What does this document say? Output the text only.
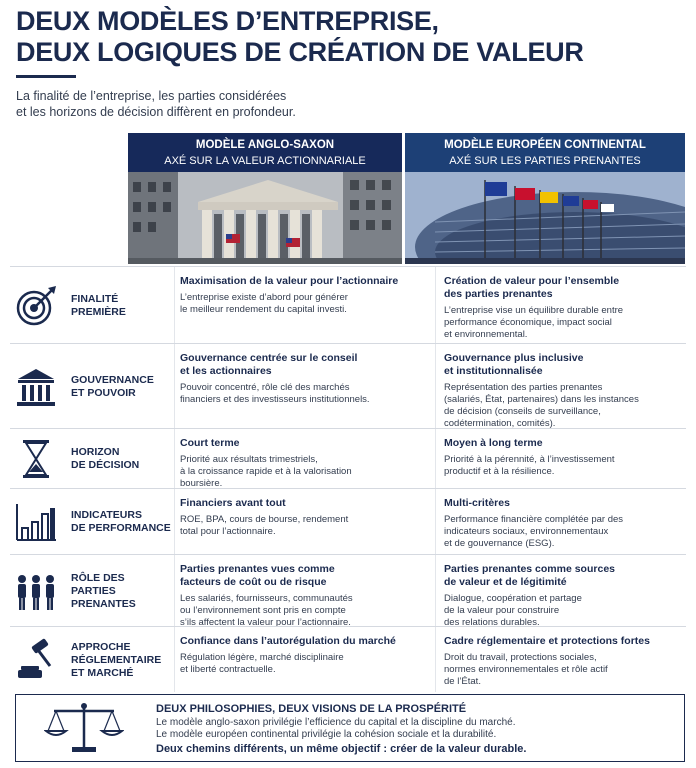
DEUX MODÈLES D’ENTREPRISE,
DEUX LOGIQUES DE CRÉATION DE VALEUR
La finalité de l’entreprise, les parties considérées
et les horizons de décision diffèrent en profondeur.
MODÈLE ANGLO-SAXON
AXÉ SUR LA VALEUR ACTIONNARIALE
MODÈLE EUROPÉEN CONTINENTAL
AXÉ SUR LES PARTIES PRENANTES
FINALITÉ
PREMIÈRE
Maximisation de la valeur pour l’actionnaire
L’entreprise existe d’abord pour générer
le meilleur rendement du capital investi.
Création de valeur pour l’ensemble
des parties prenantes
L’entreprise vise un équilibre durable entre
performance économique, impact social
et environnemental.
GOUVERNANCE
ET POUVOIR
Gouvernance centrée sur le conseil
et les actionnaires
Pouvoir concentré, rôle clé des marchés
financiers et des investisseurs institutionnels.
Gouvernance plus inclusive
et institutionnalisée
Représentation des parties prenantes
(salariés, État, partenaires) dans les instances
de décision (conseils de surveillance,
codétermination, comités).
HORIZON
DE DÉCISION
Court terme
Priorité aux résultats trimestriels,
à la croissance rapide et à la valorisation
boursière.
Moyen à long terme
Priorité à la pérennité, à l’investissement
productif et à la résilience.
INDICATEURS
DE PERFORMANCE
Financiers avant tout
ROE, BPA, cours de bourse, rendement
total pour l’actionnaire.
Multi-critères
Performance financière complétée par des
indicateurs sociaux, environnementaux
et de gouvernance (ESG).
RÔLE DES
PARTIES
PRENANTES
Parties prenantes vues comme
facteurs de coût ou de risque
Les salariés, fournisseurs, communautés
ou l’environnement sont pris en compte
s’ils affectent la valeur pour l’actionnaire.
Parties prenantes comme sources
de valeur et de légitimité
Dialogue, coopération et partage
de la valeur pour construire
des relations durables.
APPROCHE
RÉGLEMENTAIRE
ET MARCHÉ
Confiance dans l’autorégulation du marché
Régulation légère, marché disciplinaire
et liberté contractuelle.
Cadre réglementaire et protections fortes
Droit du travail, protections sociales,
normes environnementales et rôle actif
de l’État.
DEUX PHILOSOPHIES, DEUX VISIONS DE LA PROSPÉRITÉ
Le modèle anglo-saxon privilégie l’efficience du capital et la discipline du marché.
Le modèle européen continental privilégie la cohésion sociale et la durabilité.
Deux chemins différents, un même objectif : créer de la valeur durable.
